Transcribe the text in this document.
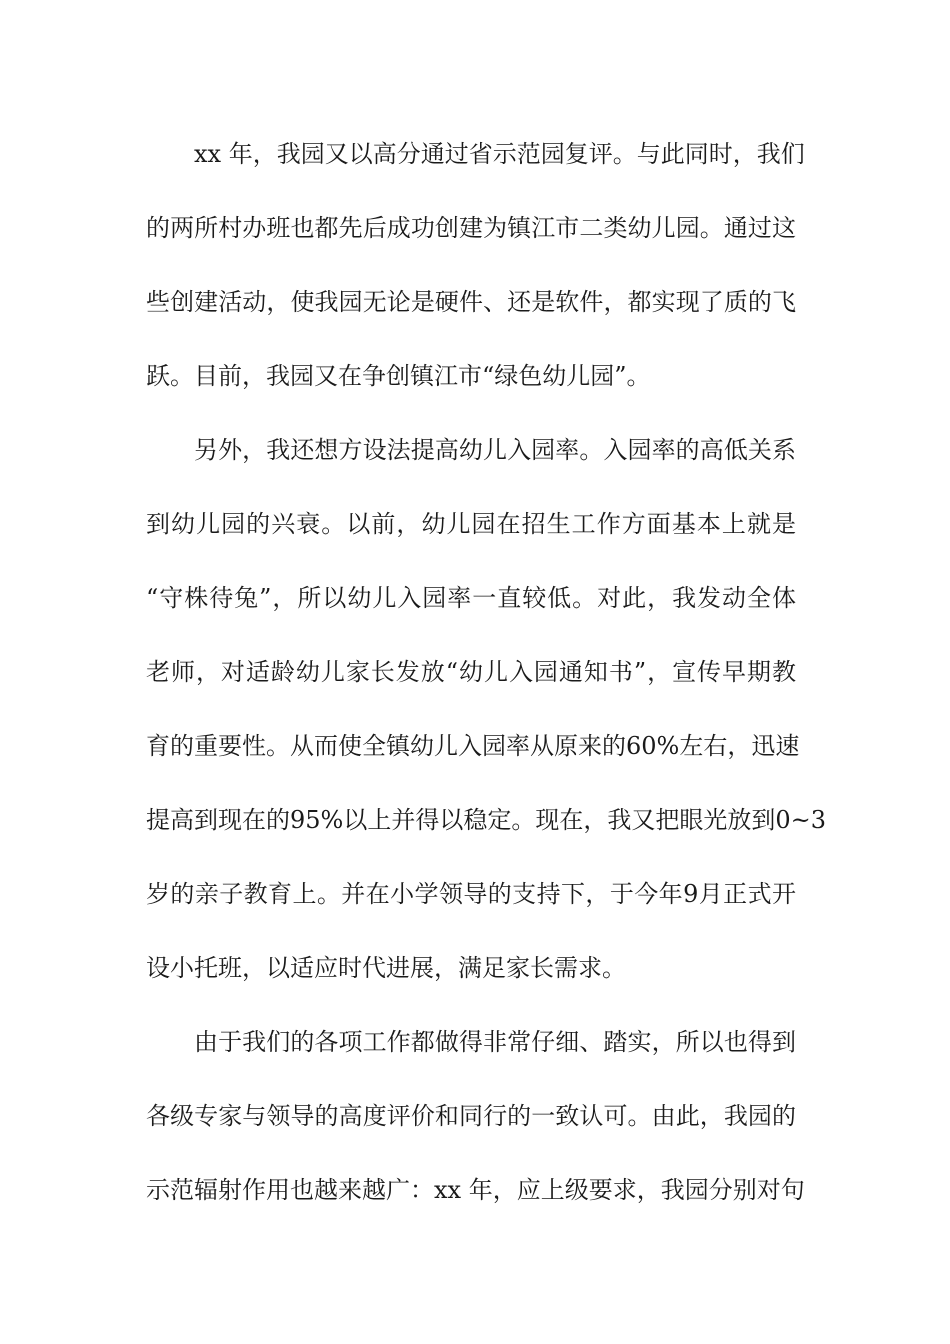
xx 年，我园又以高分通过省示范园复评。与此同时，我们
的两所村办班也都先后成功创建为镇江市二类幼儿园。通过这
些创建活动，使我园无论是硬件、还是软件，都实现了质的飞
跃。目前，我园又在争创镇江市“绿色幼儿园”。
另外，我还想方设法提高幼儿入园率。入园率的高低关系
到幼儿园的兴衰。以前，幼儿园在招生工作方面基本上就是
“守株待兔”，所以幼儿入园率一直较低。对此，我发动全体
老师，对适龄幼儿家长发放“幼儿入园通知书”，宣传早期教
育的重要性。从而使全镇幼儿入园率从原来的60%左右，迅速
提高到现在的95%以上并得以稳定。现在，我又把眼光放到0~3
岁的亲子教育上。并在小学领导的支持下，于今年9月正式开
设小托班，以适应时代进展，满足家长需求。
由于我们的各项工作都做得非常仔细、踏实，所以也得到
各级专家与领导的高度评价和同行的一致认可。由此，我园的
示范辐射作用也越来越广：xx 年，应上级要求，我园分别对句
